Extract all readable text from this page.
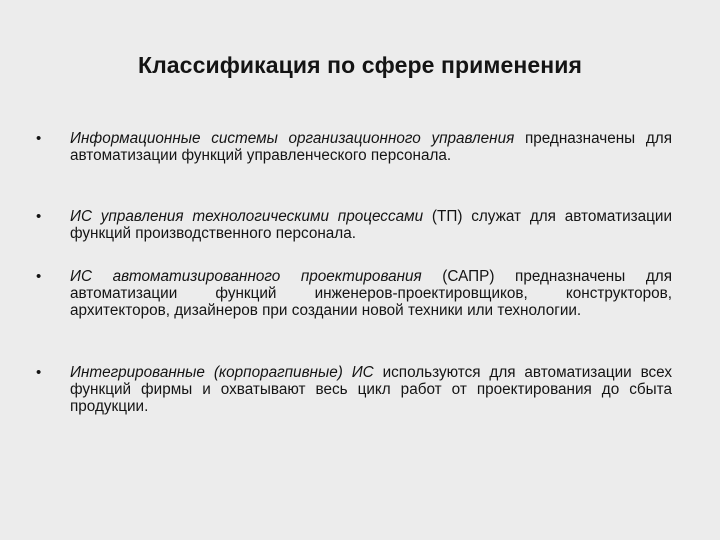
Классификация по сфере применения
• Информационные системы организационного управления предназначены для автоматизации функций управленческого персонала.
• ИС управления технологическими процессами (ТП) служат для автоматизации функций производственного персонала.
• ИС автоматизированного проектирования (САПР) предназначены для автоматизации функций инженеров-проектировщиков, конструкторов, архитекторов, дизайнеров при создании новой техники или технологии.
• Интегрированные (корпорагпивные) ИС используются для автоматизации всех функций фирмы и охватывают весь цикл работ от проектирования до сбыта продукции.
